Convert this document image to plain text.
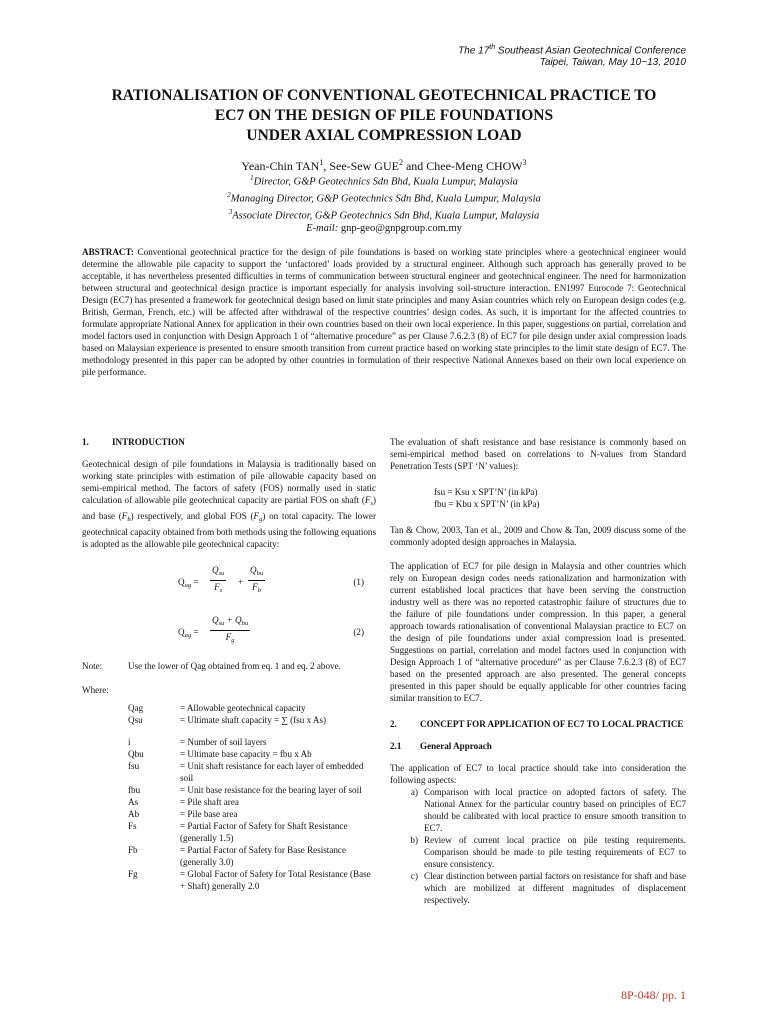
The 17th Southeast Asian Geotechnical Conference
Taipei, Taiwan, May 10~13, 2010
RATIONALISATION OF CONVENTIONAL GEOTECHNICAL PRACTICE TO
EC7 ON THE DESIGN OF PILE FOUNDATIONS
UNDER AXIAL COMPRESSION LOAD
Yean-Chin TAN$^1$, See-Sew GUE$^2$ and Chee-Meng CHOW$^3$
$^1$Director, G&P Geotechnics Sdn Bhd, Kuala Lumpur, Malaysia
$^2$Managing Director, G&P Geotechnics Sdn Bhd, Kuala Lumpur, Malaysia
$^3$Associate Director, G&P Geotechnics Sdn Bhd, Kuala Lumpur, Malaysia
E-mail: gnp-geo@gnpgroup.com.my

ABSTRACT: Conventional geotechnical practice for the design of pile foundations is based on working state principles where a geotechnical engineer would determine the allowable pile capacity to support the ‘unfactored’ loads provided by a structural engineer. Although such approach has generally proved to be acceptable, it has nevertheless presented difficulties in terms of communication between structural engineer and geotechnical engineer. The need for harmonization between structural and geotechnical design practice is important especially for analysis involving soil-structure interaction. EN1997 Eurocode 7: Geotechnical Design (EC7) has presented a framework for geotechnical design based on limit state principles and many Asian countries which rely on European design codes (e.g. British, German, French, etc.) will be affected after withdrawal of the respective countries’ design codes. As such, it is important for the affected countries to formulate appropriate National Annex for application in their own countries based on their own local experience. In this paper, suggestions on partial, correlation and model factors used in conjunction with Design Approach 1 of “alternative procedure” as per Clause 7.6.2.3 (8) of EC7 for pile design under axial compression loads based on Malaysian experience is presented to ensure smooth transition from current practice based on working state principles to the limit state design of EC7. The methodology presented in this paper can be adopted by other countries in formulation of their respective National Annexes based on their own local experience on pile performance.

1.	INTRODUCTION

Geotechnical design of pile foundations in Malaysia is traditionally based on working state principles with estimation of pile allowable capacity based on semi-empirical method. The factors of safety (FOS) normally used in static calculation of allowable pile geotechnical capacity are partial FOS on shaft $(F_s)$ and base $(F_b)$ respectively, and global FOS $(F_g)$ on total capacity. The lower geotechnical capacity obtained from both methods using the following equations is adopted as the allowable pile geotechnical capacity:

$Q_{ag}$ =
$Q_{su}$
$F_s$
+
$Q_{bu}$
$F_b$
(1)
$Q_{ag}$ =
$Q_{su} + Q_{bu}$
$F_g$
(2)
Note:	Use the lower of Qag obtained from eq. 1 and eq. 2 above.
Where:
Qag	= Allowable geotechnical capacity
Qsu	= Ultimate shaft capacity = ∑ (fsu x As)

i	= Number of soil layers
Qbu	= Ultimate base capacity = fbu x Ab
fsu	= Unit shaft resistance for each layer of embedded soil
fbu	= Unit base resistance for the bearing layer of soil
As	= Pile shaft area
Ab	= Pile base area
Fs	= Partial Factor of Safety for Shaft Resistance (generally 1.5)
Fb	= Partial Factor of Safety for Base Resistance (generally 3.0)
Fg	= Global Factor of Safety for Total Resistance (Base + Shaft) generally 2.0

The evaluation of shaft resistance and base resistance is commonly based on semi-empirical method based on correlations to N-values from Standard Penetration Tests (SPT ‘N’ values):

fsu = Ksu x SPT’N’ (in kPa)
fbu = Kbu x SPT’N’ (in kPa)

Tan & Chow, 2003, Tan et al., 2009 and Chow & Tan, 2009 discuss some of the commonly adopted design approaches in Malaysia.

The application of EC7 for pile design in Malaysia and other countries which rely on European design codes needs rationalization and harmonization with current established local practices that have been serving the construction industry well as there was no reported catastrophic failure of structures due to the failure of pile foundations under compression. In this paper, a general approach towards rationalisation of conventional Malaysian practice to EC7 on the design of pile foundations under axial compression load is presented. Suggestions on partial, correlation and model factors used in conjunction with Design Approach 1 of “alternative procedure” as per Clause 7.6.2.3 (8) of EC7 based on the presented approach are also presented. The general concepts presented in this paper should be equally applicable for other countries facing similar transition to EC7.

2.	CONCEPT FOR APPLICATION OF EC7 TO LOCAL PRACTICE
2.1 General Approach

The application of EC7 to local practice should take into consideration the following aspects:

a) Comparison with local practice on adopted factors of safety. The National Annex for the particular country based on principles of EC7 should be calibrated with local practice to ensure smooth transition to EC7.
b) Review of current local practice on pile testing requirements. Comparison should be made to pile testing requirements of EC7 to ensure consistency.
c) Clear distinction between partial factors on resistance for shaft and base which are mobilized at different magnitudes of displacement respectively.
8P-048/ pp. 1
